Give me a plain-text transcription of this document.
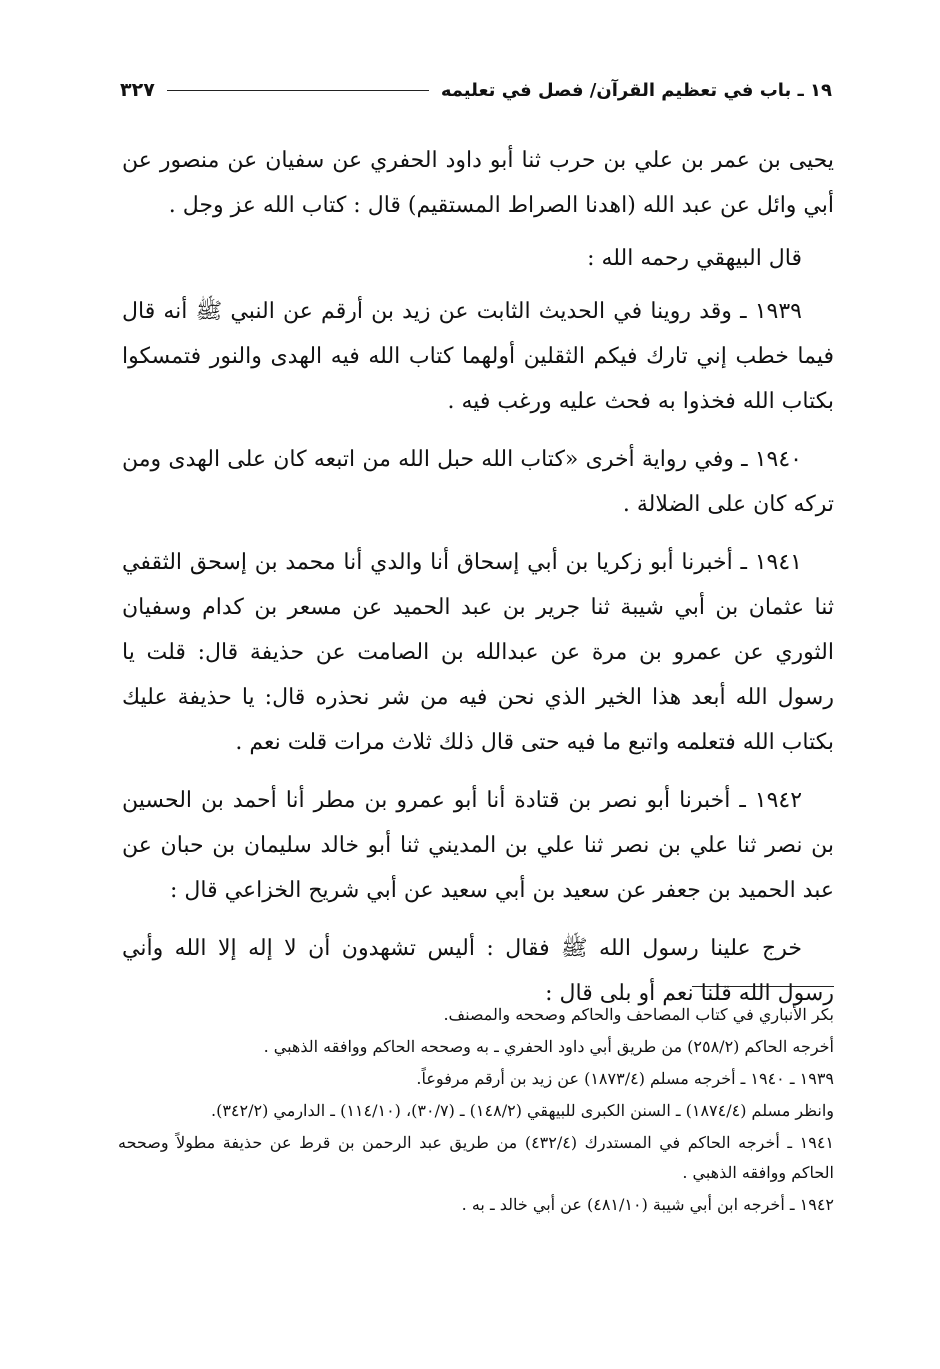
١٩ ـ باب في تعظيم القرآن/ فصل في تعليمه
٣٢٧

يحيى بن عمر بن علي بن حرب ثنا أبو داود الحفري عن سفيان عن منصور عن أبي وائل عن عبد الله (اهدنا الصراط المستقيم) قال : كتاب الله عز وجل .

قال البيهقي رحمه الله :

١٩٣٩ ـ وقد روينا في الحديث الثابت عن زيد بن أرقم عن النبي ﷺ أنه قال فيما خطب إني تارك فيكم الثقلين أولهما كتاب الله فيه الهدى والنور فتمسكوا بكتاب الله فخذوا به فحث عليه ورغب فيه .

١٩٤٠ ـ وفي رواية أخرى «كتاب الله حبل الله من اتبعه كان على الهدى ومن تركه كان على الضلالة .

١٩٤١ ـ أخبرنا أبو زكريا بن أبي إسحاق أنا والدي أنا محمد بن إسحق الثقفي ثنا عثمان بن أبي شيبة ثنا جرير بن عبد الحميد عن مسعر بن كدام وسفيان الثوري عن عمرو بن مرة عن عبدالله بن الصامت عن حذيفة قال: قلت يا رسول الله أبعد هذا الخير الذي نحن فيه من شر نحذره قال: يا حذيفة عليك بكتاب الله فتعلمه واتبع ما فيه حتى قال ذلك ثلاث مرات قلت نعم .

١٩٤٢ ـ أخبرنا أبو نصر بن قتادة أنا أبو عمرو بن مطر أنا أحمد بن الحسين بن نصر ثنا علي بن نصر ثنا علي بن المديني ثنا أبو خالد سليمان بن حبان عن عبد الحميد بن جعفر عن سعيد بن أبي سعيد عن أبي شريح الخزاعي قال :

خرج علينا رسول الله ﷺ فقال : أليس تشهدون أن لا إله إلا الله وأني رسول الله قلنا نعم أو بلى قال :

بكر الأنباري في كتاب المصاحف والحاكم وصححه والمصنف.

أخرجه الحاكم (٢٥٨/٢) من طريق أبي داود الحفري ـ به وصححه الحاكم ووافقه الذهبي .

١٩٣٩ ـ ١٩٤٠ ـ أخرجه مسلم (١٨٧٣/٤) عن زيد بن أرقم مرفوعاً.

وانظر مسلم (١٨٧٤/٤) ـ السنن الكبرى للبيهقي (١٤٨/٢) ـ (٣٠/٧)، (١١٤/١٠) ـ الدارمي (٣٤٢/٢).

١٩٤١ ـ أخرجه الحاكم في المستدرك (٤٣٢/٤) من طريق عبد الرحمن بن قرط عن حذيفة مطولاً وصححه الحاكم ووافقه الذهبي .

١٩٤٢ ـ أخرجه ابن أبي شيبة (٤٨١/١٠) عن أبي خالد ـ به .
